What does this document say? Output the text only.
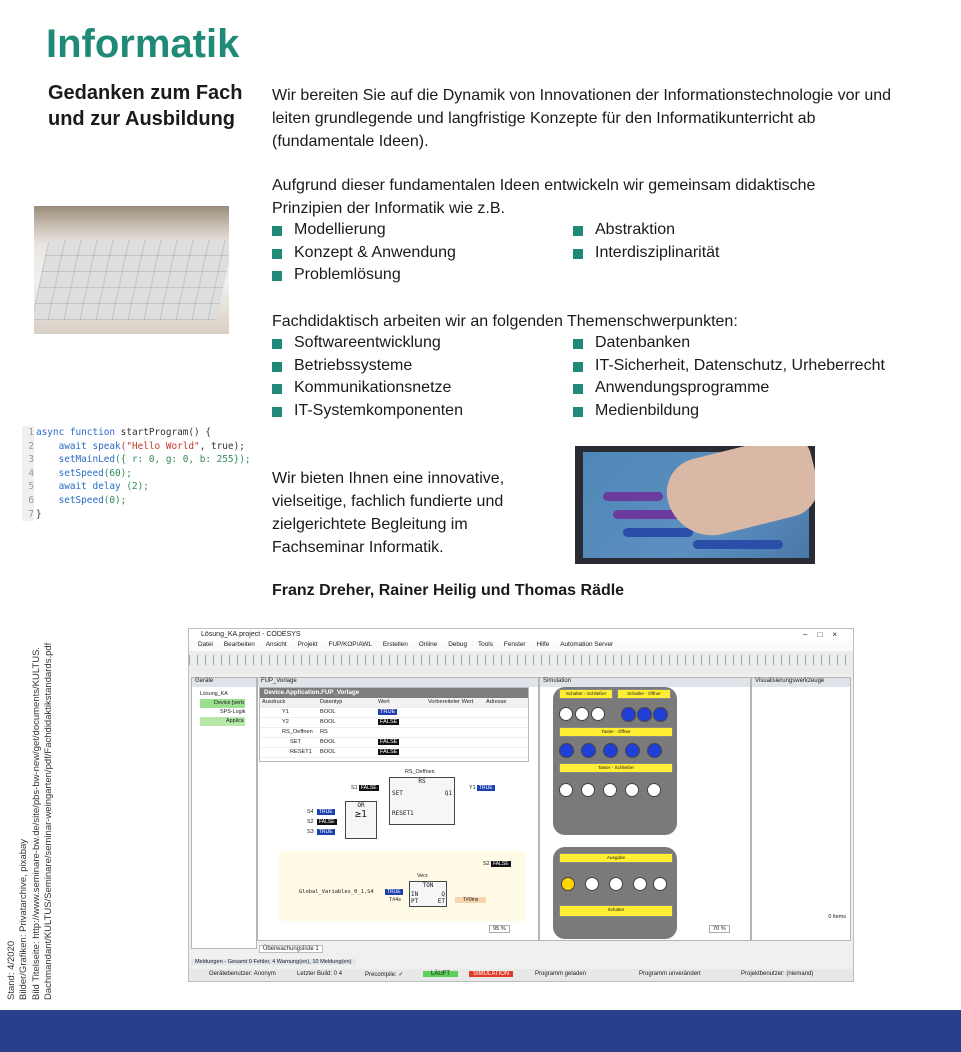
Informatik
Gedanken zum Fach
und zur Ausbildung
Wir bereiten Sie auf die Dynamik von Innovationen der Informationstechnologie vor und leiten grundlegende und langfristige Konzepte für den Informatikunterricht ab (fundamentale Ideen).
Aufgrund dieser fundamentalen Ideen entwickeln wir gemeinsam didaktische Prinzipien der Informatik wie z.B.
Modellierung
Konzept & Anwendung
Problemlösung
Abstraktion
Interdisziplinarität
Fachdidaktisch arbeiten wir an folgenden Themenschwerpunkten:
Softwareentwicklung
Betriebssysteme
Kommunikationsnetze
IT-Systemkomponenten
Datenbanken
IT-Sicherheit, Datenschutz, Urheberrecht
Anwendungsprogramme
Medienbildung
Wir bieten Ihnen eine innovative,
vielseitige, fachlich fundierte und
zielgerichtete Begleitung im
Fachseminar Informatik.
Franz Dreher, Rainer Heilig und Thomas Rädle
1
2
3
4
5
6
7
async function startProgram() {
await speak("Hello World", true);
setMainLed({ r: 0, g: 0, b: 255});
setSpeed(60);
await delay (2);
setSpeed(0);
}
Stand: 4/2020 Bilder/Grafiken: Privatarchive, pixabay Bild Titelseite: http://www.seminare-bw.de/site/pbs-bw-new/get/documents/KULTUS. Dachmandant/KULTUS/Seminare/seminar-weingarten/pdf/Fachdidaktikstandards.pdf
Lösung_KA.project - CODESYS	–□×
Datei Bearbeiten Ansicht Projekt FUP/KOP/AWL Erstellen Online Debug Tools Fenster Hilfe Automation Server
Geräte
Lösung_KA
Device [verb
SPS-Logik
Applica
FUP_Vorlage
Device.Application.FUP_Vorlage
Ausdruck	Datentyp	Wert	Vorbereiteter Wert Adresse
Y1	BOOL	TRUE
Y2	BOOL	FALSE
RS_Oeffnen RS
SET	BOOL	FALSE
RESET1 BOOL	FALSE
RS_Oeffnen
RS
SET
RESET1
Q1
S1 FALSE	Y1 TRUE
OR
≥1
S4	TRUE
S2	FALSE
S3	TRUE
S2 FALSE
Verz
TON
IN
PT
Q
ET
Global_Variables_0_1.S4	TRUE
T#4s	T#0ms
95 %
Simulation
Schalter - Schließer	Schalter - Öffner
Taster - Öffner
Taster - Schließer
Ausgabe
Schalter
70 %
Visualisierungswerkzeuge
0 Items
Überwachungsliste 1
Meldungen - Gesamt 0 Fehler, 4 Warnung(en), 10 Meldung(en)
Gerätebenutzer: Anonym	Letzter Build: 0 4	Precompile: ✓	LÄUFT	SIMULATION	Programm geladen	Programm unverändert	Projektbenutzer: (niemand)
